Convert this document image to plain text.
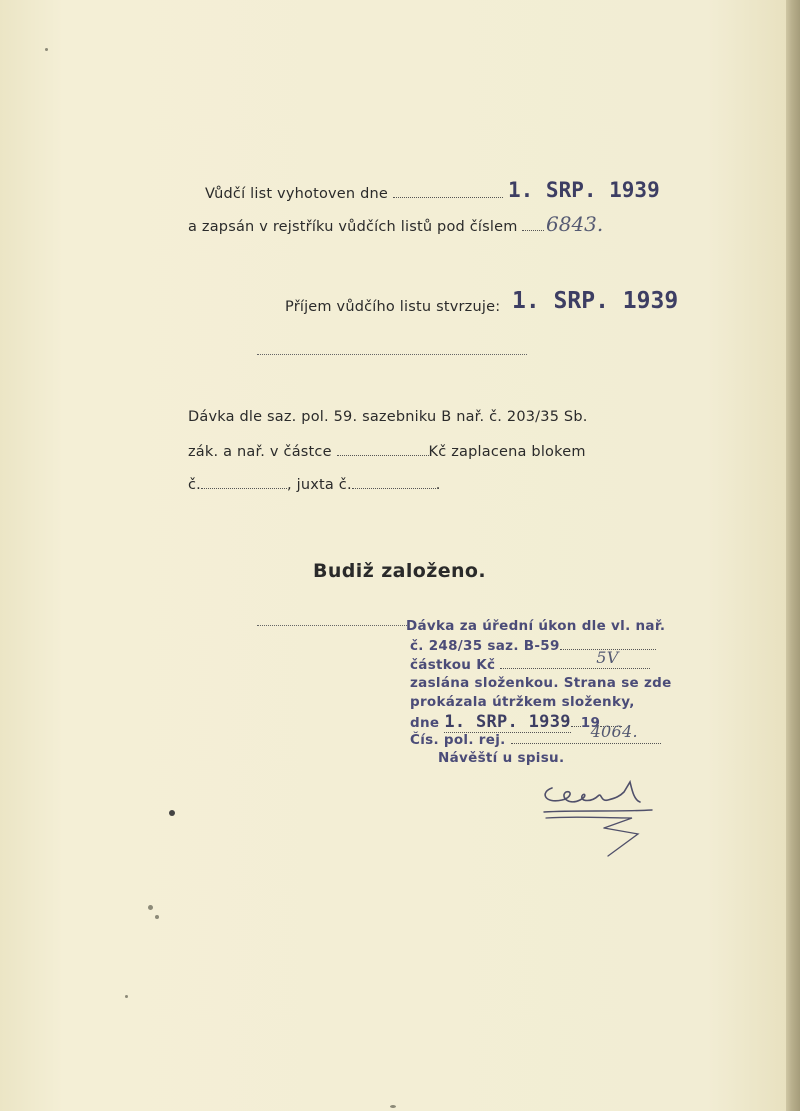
Vůdčí list vyhotoven dne	1. SRP. 1939
a zapsán v rejstříku vůdčích listů pod číslem	6843.
Příjem vůdčího listu stvrzuje: 1. SRP. 1939
Dávka dle saz. pol. 59. sazebniku B nař. č. 203/35 Sb.
zák. a nař. v částce	Kč zaplacena blokem
č.	, juxta č.	.
Budiž založeno.
Dávka za úřední úkon dle vl. nař.
č. 248/35 saz. B-59
částkou Kč	5V
zaslána složenkou. Strana se zde
prokázala útržkem složenky,
dne 1. SRP. 1939 19
Čís. pol. rej.	4064.
Návěští u spisu.
